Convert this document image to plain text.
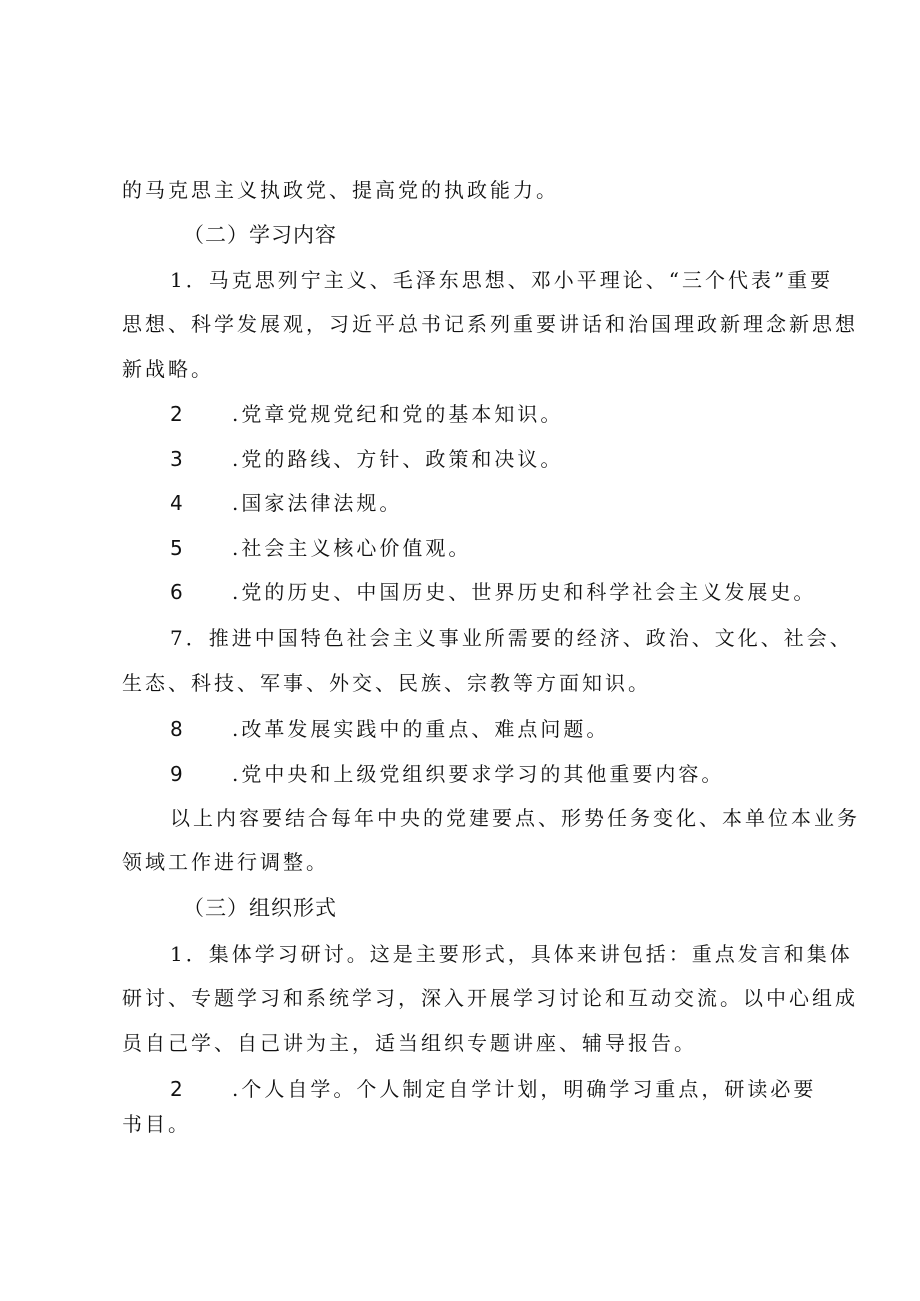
的马克思主义执政党、提高党的执政能力。
（二）学习内容
1．马克思列宁主义、毛泽东思想、邓小平理论、“三个代表”重要
思想、科学发展观，习近平总书记系列重要讲话和治国理政新理念新思想
新战略。
2 .党章党规党纪和党的基本知识。
3 .党的路线、方针、政策和决议。
4 .国家法律法规。
5 .社会主义核心价值观。
6 .党的历史、中国历史、世界历史和科学社会主义发展史。
7．推进中国特色社会主义事业所需要的经济、政治、文化、社会、
生态、科技、军事、外交、民族、宗教等方面知识。
8 .改革发展实践中的重点、难点问题。
9 .党中央和上级党组织要求学习的其他重要内容。
以上内容要结合每年中央的党建要点、形势任务变化、本单位本业务
领域工作进行调整。
（三）组织形式
1．集体学习研讨。这是主要形式，具体来讲包括：重点发言和集体
研讨、专题学习和系统学习，深入开展学习讨论和互动交流。以中心组成
员自己学、自己讲为主，适当组织专题讲座、辅导报告。
2 .个人自学。个人制定自学计划，明确学习重点，研读必要
书目。
